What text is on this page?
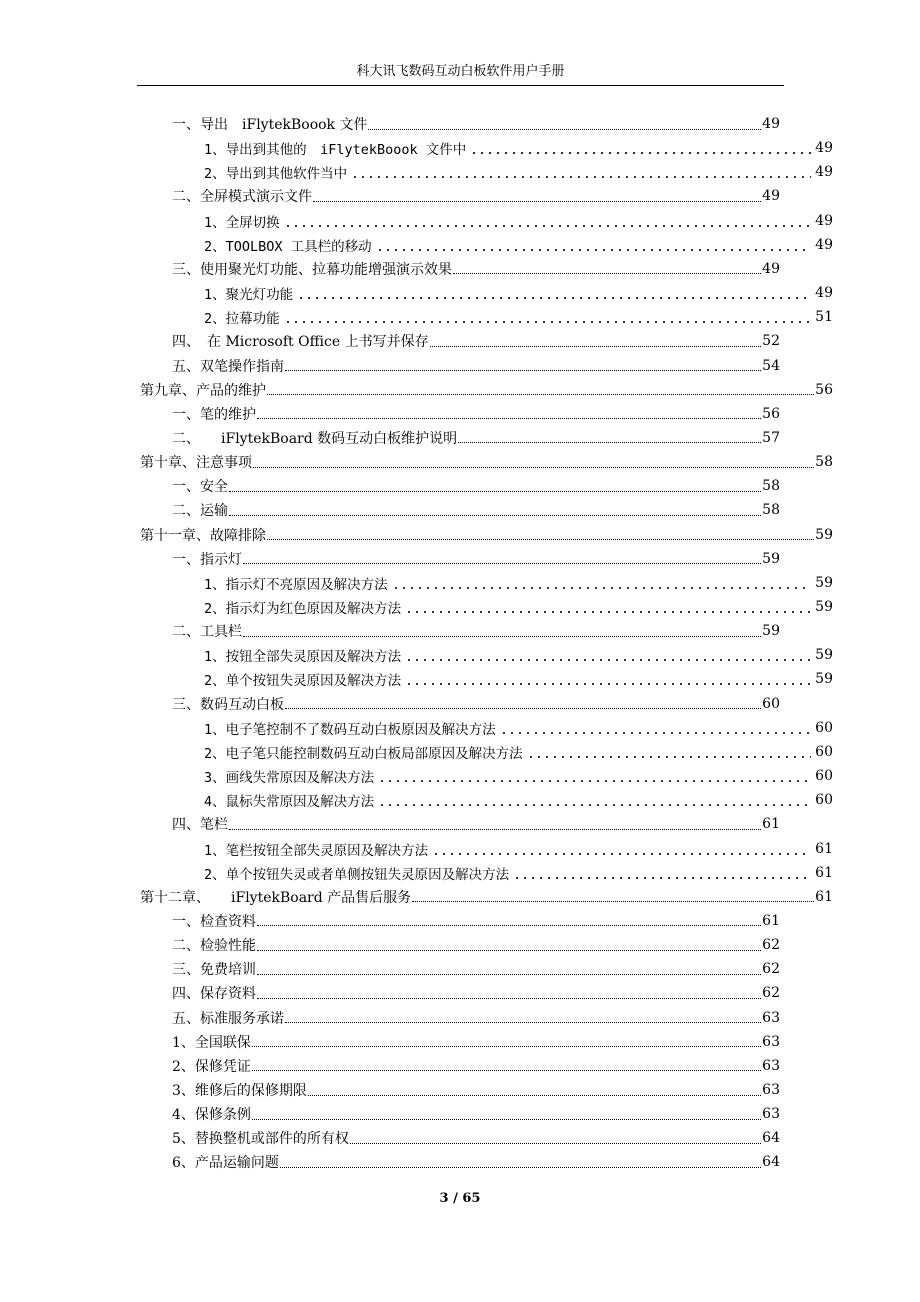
科大讯飞数码互动白板软件用户手册
一、导出　iFlytekBoook 文件	49
1、导出到其他的　iFlytekBoook 文件中	49
2、导出到其他软件当中	49
二、全屏模式演示文件	49
1、全屏切换	49
2、TOOLBOX 工具栏的移动	49
三、使用聚光灯功能、拉幕功能增强演示效果	49
1、聚光灯功能	49
2、拉幕功能	51
四、　在 Microsoft Office 上书写并保存	52
五、双笔操作指南	54
第九章、产品的维护	56
一、笔的维护	56
二、　　iFlytekBoard 数码互动白板维护说明	57
第十章、注意事项	58
一、安全	58
二、运输	58
第十一章、故障排除	59
一、指示灯	59
1、指示灯不亮原因及解决方法	59
2、指示灯为红色原因及解决方法	59
二、工具栏	59
1、按钮全部失灵原因及解决方法	59
2、单个按钮失灵原因及解决方法	59
三、数码互动白板	60
1、电子笔控制不了数码互动白板原因及解决方法	60
2、电子笔只能控制数码互动白板局部原因及解决方法	60
3、画线失常原因及解决方法	60
4、鼠标失常原因及解决方法	60
四、笔栏	61
1、笔栏按钮全部失灵原因及解决方法	61
2、单个按钮失灵或者单侧按钮失灵原因及解决方法	61
第十二章、　　iFlytekBoard 产品售后服务	61
一、检查资料	61
二、检验性能	62
三、免费培训	62
四、保存资料	62
五、标准服务承诺	63
1、全国联保	63
2、保修凭证	63
3、维修后的保修期限	63
4、保修条例	63
5、替换整机或部件的所有权	64
6、产品运输问题	64
3 / 65
